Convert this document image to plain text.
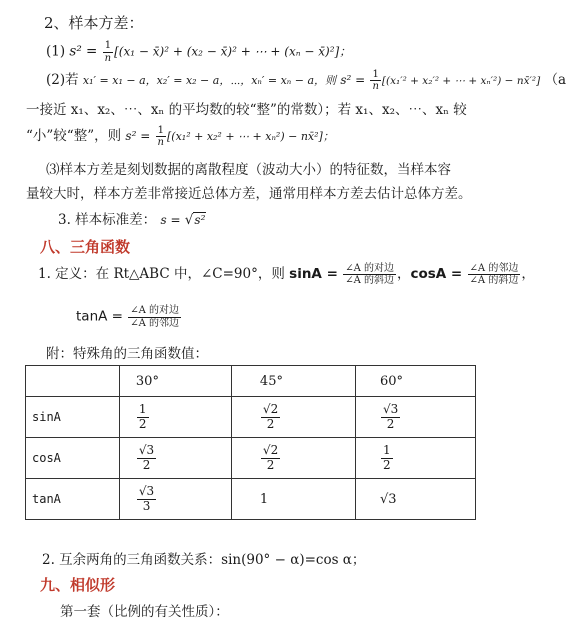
2、样本方差：
(1) $s^2 = \frac{1}{n} [(x_1$ − x̄)² + (x₂ − x̄)² + ⋯ + (xₙ − x̄)²]；
(2)若 x₁′ = x₁ − a，x₂′ = x₂ − a，⋯，xₙ′ = xₙ − a，则 $s^2 = \frac{1}{n} [(x_1'^2 + x_2'^2$ + ⋯ + xₙ′²) − nx̄′²] （a
一接近 x₁、x₂、⋯、xₙ 的平均数的较“整”的常数）；若 x₁、x₂、⋯、xₙ 较
“小”较“整”，则 $s^2 = \frac{1}{n} [(x_1^2 + x_2^2$ + ⋯ + xₙ²) − nx̄²]；
⑶样本方差是刻划数据的离散程度（波动大小）的特征数，当样本容
量较大时，样本方差非常接近总体方差，通常用样本方差去估计总体方差。
3. 样本标准差： s = √s²
八、三角函数
1. 定义：在 Rt△ABC 中，∠C=90°，则 $\sin A = \frac{\text{∠A 的对边}}{\text{∠A 的斜边}}$ ，$\cos A = \frac{\text{∠A 的邻边}}{\text{∠A 的斜边}}$ ，
$\tan A = \frac{\text{∠A 的对边}}{\text{∠A 的邻边}}$
附：特殊角的三角函数值：
	30°	45°	60°
sinA	$\frac{1}{2}$	$\frac{√2}{2}$	$\frac{√3}{2}$

cosA	$\frac{√3}{2}$	$\frac{√2}{2}$	$\frac{1}{2}$

tanA	$\frac{√3}{3}$	1	√3
2. 互余两角的三角函数关系：sin(90° − α)=cos α；
九、相似形
第一套（比例的有关性质）：
